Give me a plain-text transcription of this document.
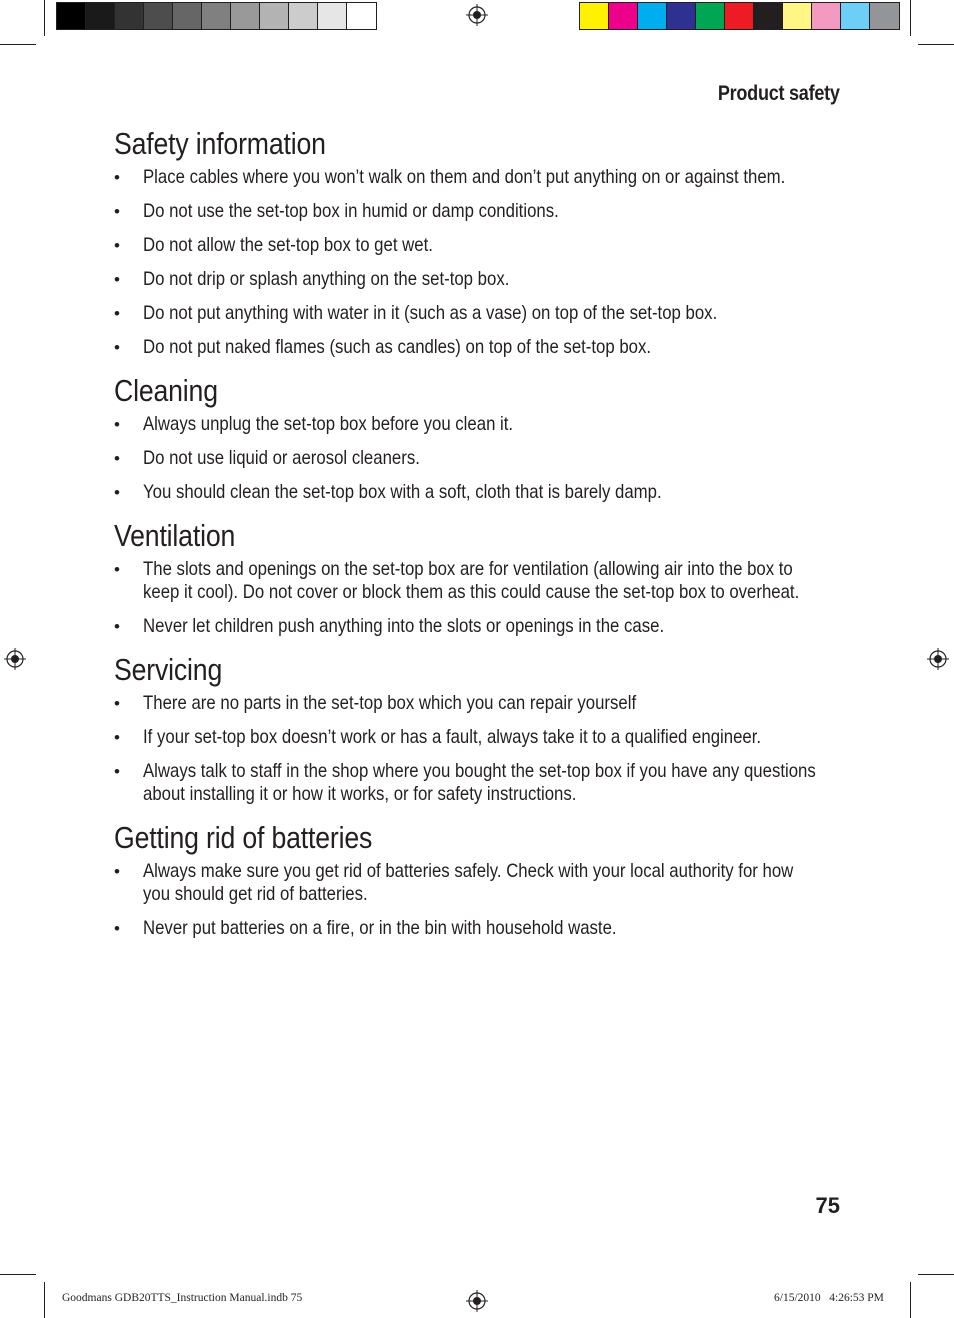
Product safety
Safety information
• Place cables where you won’t walk on them and don’t put anything on or against them.
• Do not use the set-top box in humid or damp conditions.
• Do not allow the set-top box to get wet.
• Do not drip or splash anything on the set-top box.
• Do not put anything with water in it (such as a vase) on top of the set-top box.
• Do not put naked flames (such as candles) on top of the set-top box.
Cleaning
• Always unplug the set-top box before you clean it.
• Do not use liquid or aerosol cleaners.
• You should clean the set-top box with a soft, cloth that is barely damp.
Ventilation
• The slots and openings on the set-top box are for ventilation (allowing air into the box to keep it cool). Do not cover or block them as this could cause the set-top box to overheat.
• Never let children push anything into the slots or openings in the case.
Servicing
• There are no parts in the set-top box which you can repair yourself
• If your set-top box doesn’t work or has a fault, always take it to a qualified engineer.
• Always talk to staff in the shop where you bought the set-top box if you have any questions about installing it or how it works, or for safety instructions.
Getting rid of batteries
• Always make sure you get rid of batteries safely. Check with your local authority for how you should get rid of batteries.
• Never put batteries on a fire, or in the bin with household waste.
75
Goodmans GDB20TTS_Instruction Manual.indb 75	6/15/2010   4:26:53 PM
